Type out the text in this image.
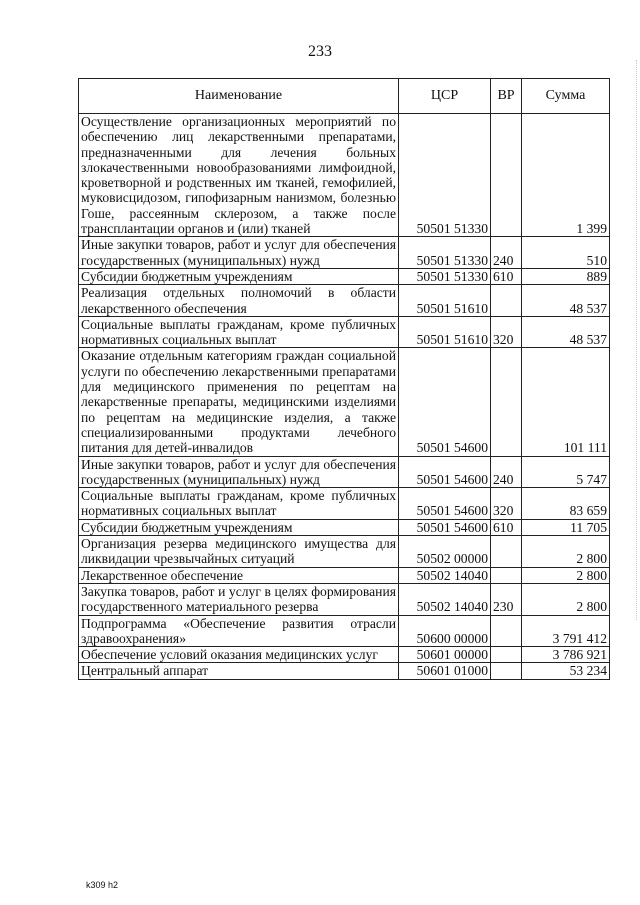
233
Наименование	ЦСР	ВР	Сумма
Осуществление организационных мероприятий по обеспечению лиц лекарственными препаратами, предназначенными для лечения больных злокачественными новообразованиями лимфоидной, кроветворной и родственных им тканей, гемофилией, муковисцидозом, гипофизарным нанизмом, болезнью Гоше, рассеянным склерозом, а также после трансплантации органов и (или) тканей	50501 51330		1 399
Иные закупки товаров, работ и услуг для обеспечения государственных (муниципальных) нужд	50501 51330	240	510
Субсидии бюджетным учреждениям	50501 51330	610	889
Реализация отдельных полномочий в области лекарственного обеспечения	50501 51610		48 537
Социальные выплаты гражданам, кроме публичных нормативных социальных выплат	50501 51610	320	48 537
Оказание отдельным категориям граждан социальной услуги по обеспечению лекарственными препаратами для медицинского применения по рецептам на лекарственные препараты, медицинскими изделиями по рецептам на медицинские изделия, а также специализированными продуктами лечебного питания для детей-инвалидов	50501 54600		101 111
Иные закупки товаров, работ и услуг для обеспечения государственных (муниципальных) нужд	50501 54600	240	5 747
Социальные выплаты гражданам, кроме публичных нормативных социальных выплат	50501 54600	320	83 659
Субсидии бюджетным учреждениям	50501 54600	610	11 705
Организация резерва медицинского имущества для ликвидации чрезвычайных ситуаций	50502 00000		2 800
Лекарственное обеспечение	50502 14040		2 800
Закупка товаров, работ и услуг в целях формирования государственного материального резерва	50502 14040	230	2 800
Подпрограмма «Обеспечение развития отрасли здравоохранения»	50600 00000		3 791 412
Обеспечение условий оказания медицинских услуг	50601 00000		3 786 921
Центральный аппарат	50601 01000		53 234
k309 h2
